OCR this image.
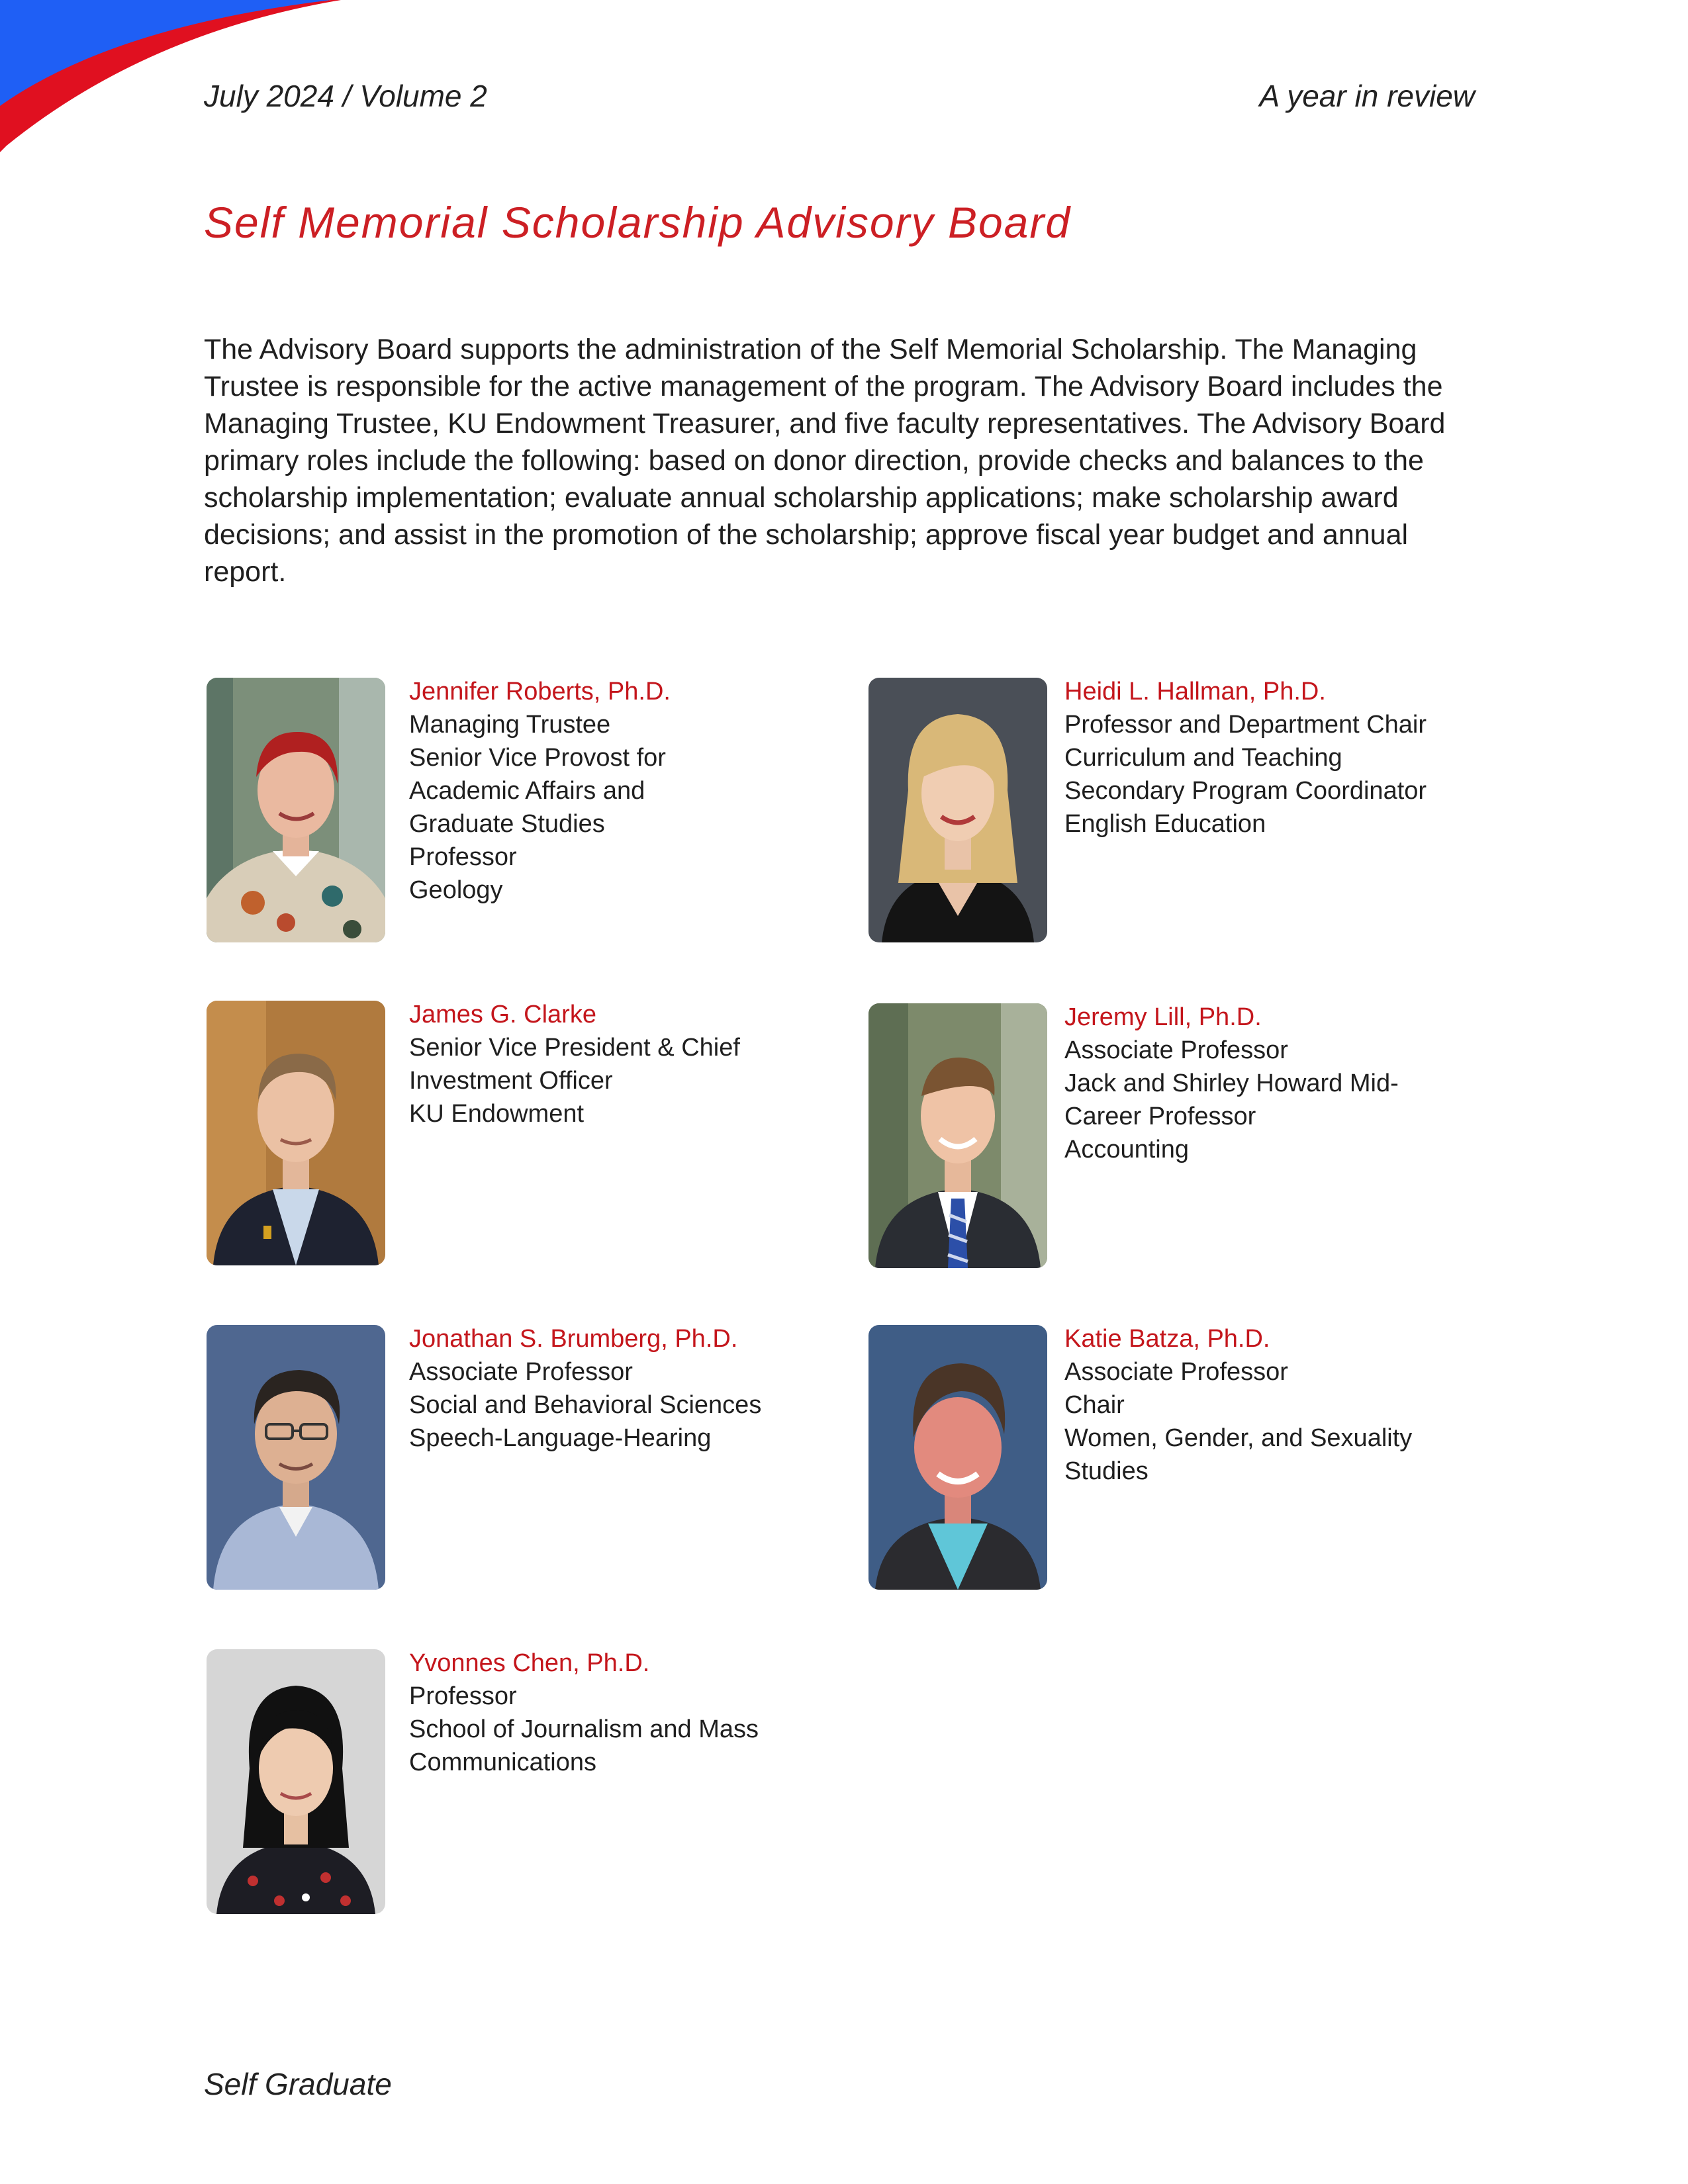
July 2024 / Volume 2	A year in review
Self Memorial Scholarship Advisory Board

The Advisory Board supports the administration of the Self Memorial Scholarship. The Managing Trustee is responsible for the active management of the program. The Advisory Board includes the Managing Trustee, KU Endowment Treasurer, and five faculty representatives. The Advisory Board primary roles include the following: based on donor direction, provide checks and balances to the scholarship implementation; evaluate annual scholarship applications; make scholarship award decisions; and assist in the promotion of the scholarship; approve fiscal year budget and annual report.

Jennifer Roberts, Ph.D.
Managing Trustee
Senior Vice Provost for
Academic Affairs and
Graduate Studies
Professor
Geology
Heidi L. Hallman, Ph.D.
Professor and Department Chair
Curriculum and Teaching
Secondary Program Coordinator
English Education
James G. Clarke
Senior Vice President & Chief
Investment Officer
KU Endowment
Jeremy Lill, Ph.D.
Associate Professor
Jack and Shirley Howard Mid-
Career Professor
Accounting
Jonathan S. Brumberg, Ph.D.
Associate Professor
Social and Behavioral Sciences
Speech-Language-Hearing
Katie Batza, Ph.D.
Associate Professor
Chair
Women, Gender, and Sexuality
Studies
Yvonnes Chen, Ph.D.
Professor
School of Journalism and Mass
Communications
Self Graduate
